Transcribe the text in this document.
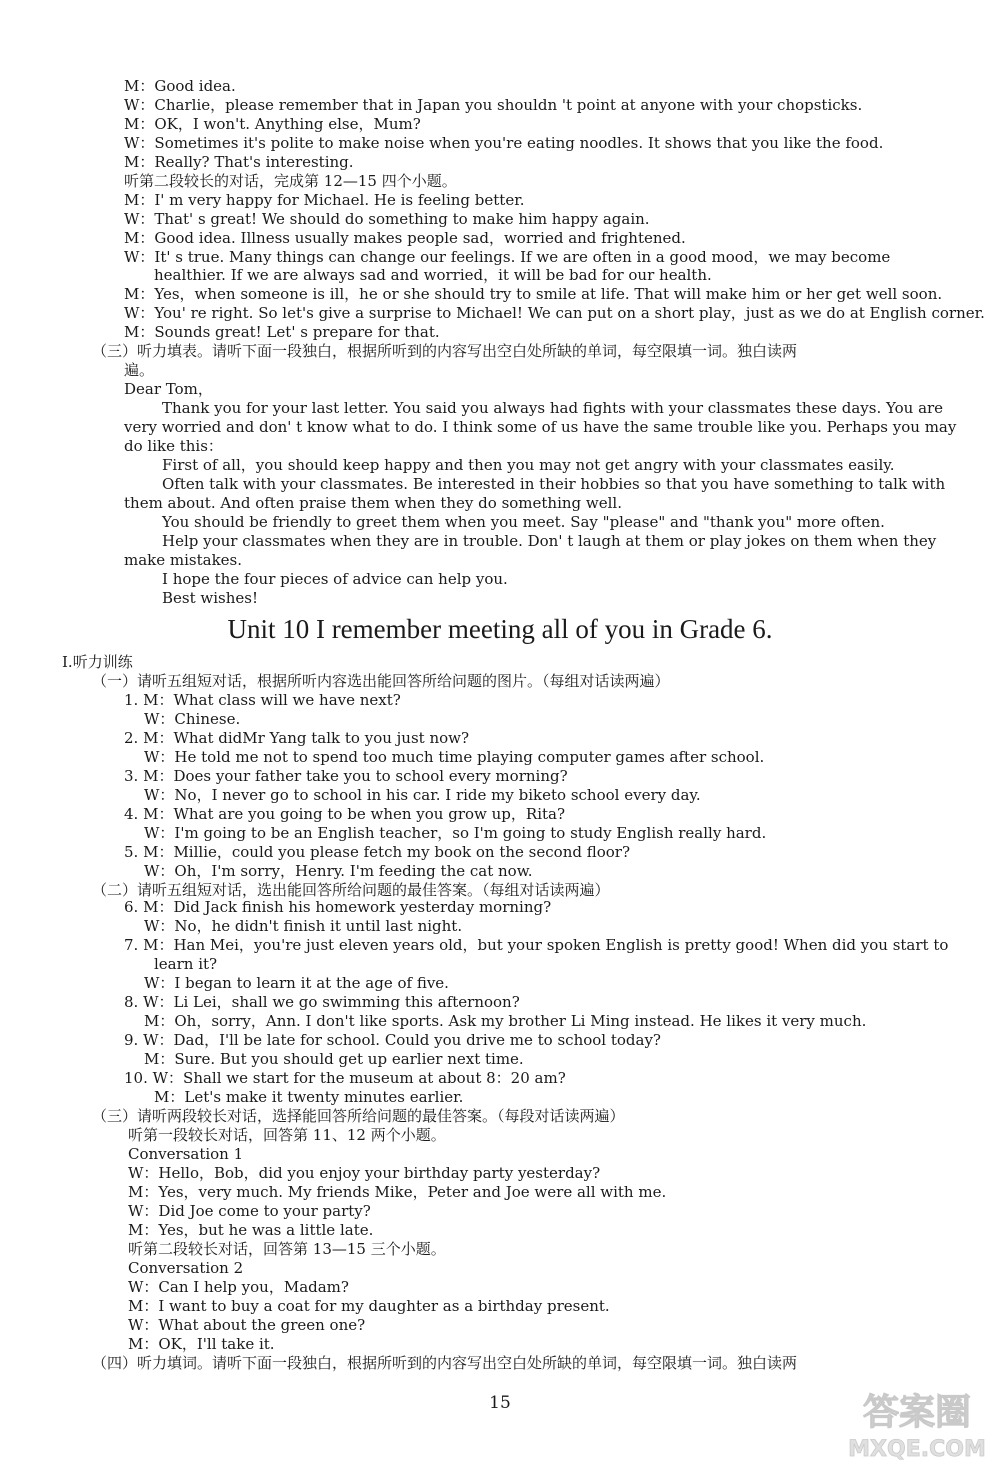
M：Good idea.
W：Charlie，please remember that in Japan you shouldn 't point at anyone with your chopsticks.
M：OK，I won't. Anything else，Mum?
W：Sometimes it's polite to make noise when you're eating noodles. It shows that you like the food.
M：Really? That's interesting.
听第二段较长的对话，完成第 12—15 四个小题。
M：I' m very happy for Michael. He is feeling better.
W：That' s great! We should do something to make him happy again.
M：Good idea. Illness usually makes people sad，worried and frightened.
W：It' s true. Many things can change our feelings. If we are often in a good mood，we may become
healthier. If we are always sad and worried，it will be bad for our health.
M：Yes，when someone is ill，he or she should try to smile at life. That will make him or her get well soon.
W：You' re right. So let's give a surprise to Michael! We can put on a short play，just as we do at English corner.
M：Sounds great! Let' s prepare for that.
（三）听力填表。请听下面一段独白，根据所听到的内容写出空白处所缺的单词，每空限填一词。独白读两
遍。
Dear Tom，
Thank you for your last letter. You said you always had fights with your classmates these days. You are
very worried and don' t know what to do. I think some of us have the same trouble like you. Perhaps you may
do like this：
First of all，you should keep happy and then you may not get angry with your classmates easily.
Often talk with your classmates. Be interested in their hobbies so that you have something to talk with
them about. And often praise them when they do something well.
You should be friendly to greet them when you meet. Say "please" and "thank you" more often.
Help your classmates when they are in trouble. Don' t laugh at them or play jokes on them when they
make mistakes.
I hope the four pieces of advice can help you.
Best wishes!
Unit 10 I remember meeting all of you in Grade 6.
Ⅰ.听力训练
（一）请听五组短对话，根据所听内容选出能回答所给问题的图片。（每组对话读两遍）
1. M：What class will we have next?
W：Chinese.
2. M：What didMr Yang talk to you just now?
W：He told me not to spend too much time playing computer games after school.
3. M：Does your father take you to school every morning?
W：No，I never go to school in his car. I ride my biketo school every day.
4. M：What are you going to be when you grow up，Rita?
W：I'm going to be an English teacher，so I'm going to study English really hard.
5. M：Millie，could you please fetch my book on the second floor?
W：Oh，I'm sorry，Henry. I'm feeding the cat now.
（二）请听五组短对话，选出能回答所给问题的最佳答案。（每组对话读两遍）
6. M：Did Jack finish his homework yesterday morning?
W：No，he didn't finish it until last night.
7. M：Han Mei，you're just eleven years old，but your spoken English is pretty good! When did you start to
learn it?
W：I began to learn it at the age of five.
8. W：Li Lei，shall we go swimming this afternoon?
M：Oh，sorry，Ann. I don't like sports. Ask my brother Li Ming instead. He likes it very much.
9. W：Dad，I'll be late for school. Could you drive me to school today?
M：Sure. But you should get up earlier next time.
10. W：Shall we start for the museum at about 8：20 am?
M：Let's make it twenty minutes earlier.
（三）请听两段较长对话，选择能回答所给问题的最佳答案。（每段对话读两遍）
听第一段较长对话，回答第 11、12 两个小题。
Conversation 1
W：Hello，Bob，did you enjoy your birthday party yesterday?
M：Yes，very much. My friends Mike，Peter and Joe were all with me.
W：Did Joe come to your party?
M：Yes，but he was a little late.
听第二段较长对话，回答第 13—15 三个小题。
Conversation 2
W：Can I help you，Madam?
M：I want to buy a coat for my daughter as a birthday present.
W：What about the green one?
M：OK，I'll take it.
（四）听力填词。请听下面一段独白，根据所听到的内容写出空白处所缺的单词，每空限填一词。独白读两
15	答案圈
MXQE.COM
